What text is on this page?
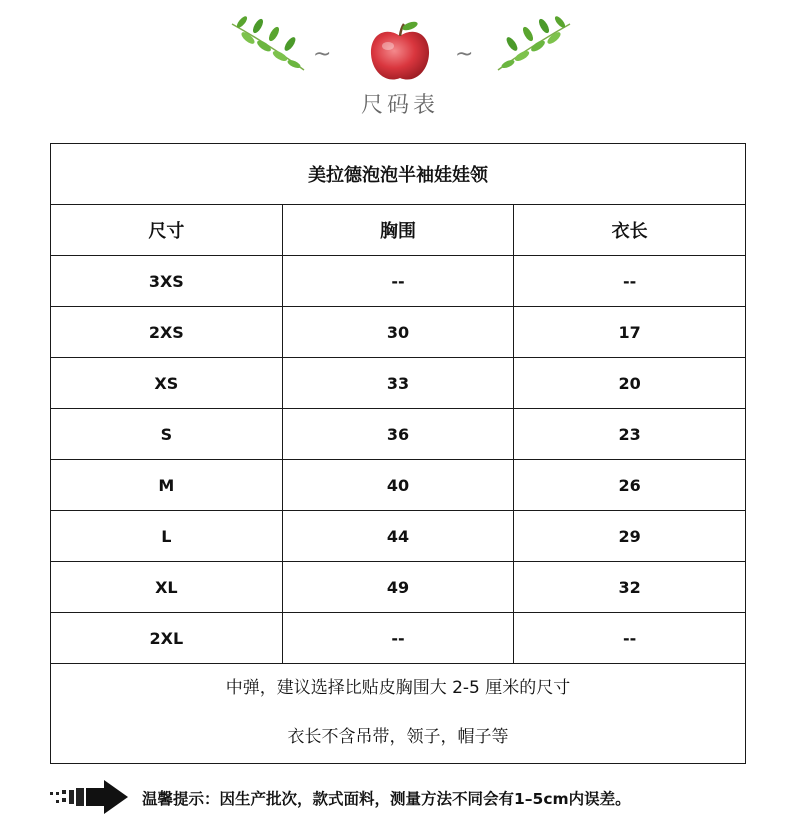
~	~
尺码表
美拉德泡泡半袖娃娃领		
尺寸	胸围	衣长
3XS	--	--
2XS	30	17
XS	33	20
S	36	23
M	40	26
L	44	29
XL	49	32
2XL	--	--

中弹，建议选择比贴皮胸围大 2-5 厘米的尺寸
衣长不含吊带，领子，帽子等		
温馨提示：因生产批次，款式面料，测量方法不同会有1–5cm内误差。
